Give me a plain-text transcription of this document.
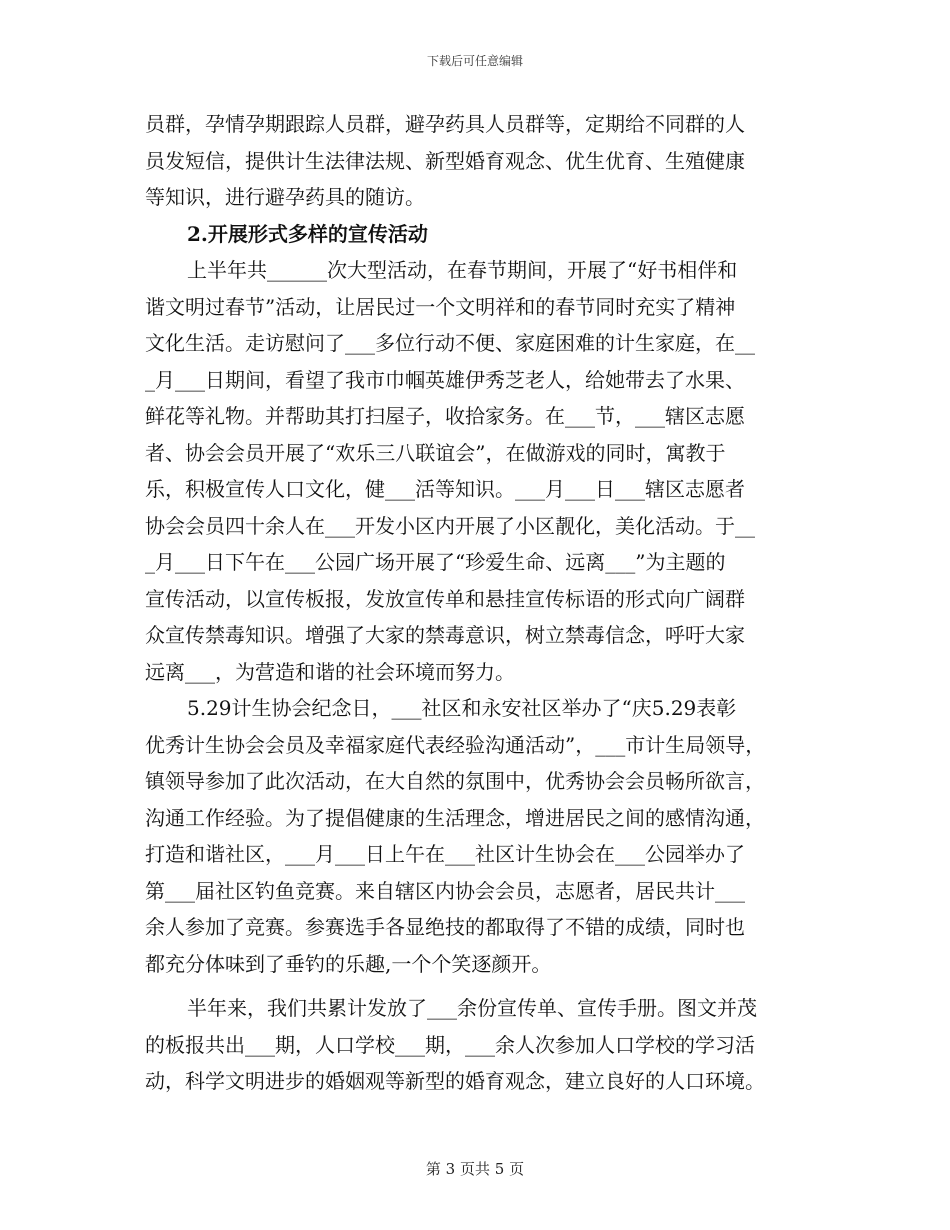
下载后可任意编辑
员群，孕情孕期跟踪人员群，避孕药具人员群等，定期给不同群的人
员发短信，提供计生法律法规、新型婚育观念、优生优育、生殖健康
等知识，进行避孕药具的随访。
2.开展形式多样的宣传活动
上半年共______次大型活动，在春节期间，开展了“好书相伴和
谐文明过春节”活动，让居民过一个文明祥和的春节同时充实了精神
文化生活。走访慰问了___多位行动不便、家庭困难的计生家庭，在__
_月___日期间，看望了我市巾帼英雄伊秀芝老人，给她带去了水果、
鲜花等礼物。并帮助其打扫屋子，收拾家务。在___节，___辖区志愿
者、协会会员开展了“欢乐三八联谊会”，在做游戏的同时，寓教于
乐，积极宣传人口文化，健___活等知识。___月___日___辖区志愿者
协会会员四十余人在___开发小区内开展了小区靓化，美化活动。于__
_月___日下午在___公园广场开展了“珍爱生命、远离___”为主题的
宣传活动，以宣传板报，发放宣传单和悬挂宣传标语的形式向广阔群
众宣传禁毒知识。增强了大家的禁毒意识，树立禁毒信念，呼吁大家
远离___，为营造和谐的社会环境而努力。
5.29计生协会纪念日，___社区和永安社区举办了“庆5.29表彰
优秀计生协会会员及幸福家庭代表经验沟通活动”，___市计生局领导，
镇领导参加了此次活动，在大自然的氛围中，优秀协会会员畅所欲言，
沟通工作经验。为了提倡健康的生活理念，增进居民之间的感情沟通，
打造和谐社区，___月___日上午在___社区计生协会在___公园举办了
第___届社区钓鱼竞赛。来自辖区内协会会员，志愿者，居民共计___
余人参加了竞赛。参赛选手各显绝技的都取得了不错的成绩，同时也
都充分体味到了垂钓的乐趣,一个个笑逐颜开。
半年来，我们共累计发放了___余份宣传单、宣传手册。图文并茂
的板报共出___期，人口学校___期，___余人次参加人口学校的学习活
动，科学文明进步的婚姻观等新型的婚育观念，建立良好的人口环境。
第 3 页共 5 页
